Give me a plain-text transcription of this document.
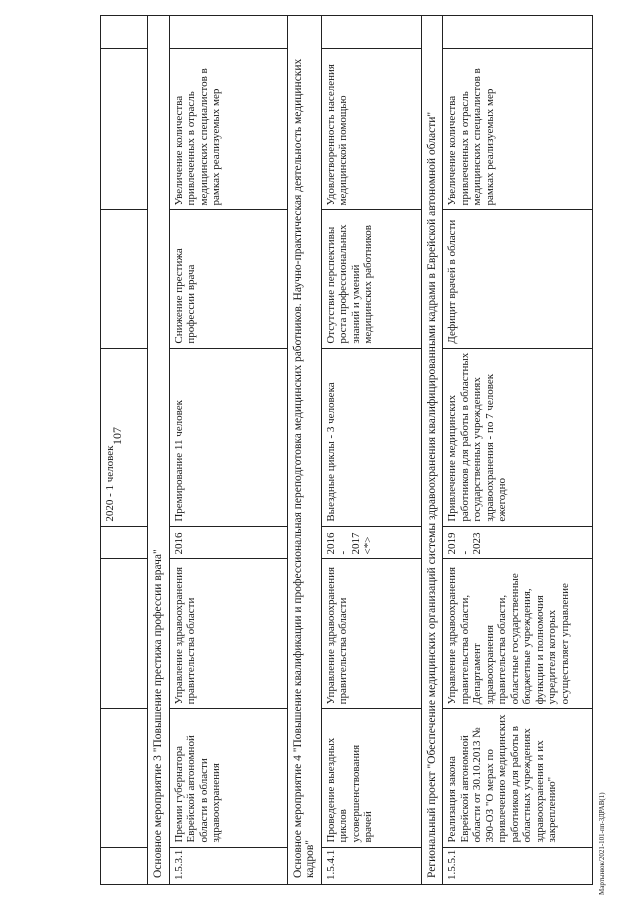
107
Мартынюк/2021-101-пп-ЗДРАВ(1)
				2020 - 1 человек			
Основное мероприятие 3 "Повышение престижа профессии врача"							
1.5.3.1	Премии губернатора Еврейской автономной области в области здравоохранения	Управление здравоохранения правительства области	2016	Премирование 11 человек	Снижение престижа профессии врача	Увеличение количества привлеченных в отрасль медицинских специалистов в рамках реализуемых мер	
Основное мероприятие 4 "Повышение квалификации и профессиональная переподготовка медицинских работников. Научно-практическая деятельность медицинских кадров"							
1.5.4.1	Проведение выездных циклов усовершенствования врачей	Управление здравоохранения правительства области	2016 - 2017 <*>	Выездные циклы - 3 человека	Отсутствие перспективы роста профессиональных знаний и умений медицинских работников	Удовлетворенность населения медицинской помощью	
Региональный проект "Обеспечение медицинских организаций системы здравоохранения квалифицированными кадрами в Еврейской автономной области"							
1.5.5.1	Реализация закона Еврейской автономной области от 30.10.2013 № 390-ОЗ "О мерах по привлечению медицинских работников для работы в областных учреждениях здравоохранения и их закреплению"	Управление здравоохранения правительства области, Департамент здравоохранения правительства области, областные государственные бюджетные учреждения, функции и полномочия учредителя которых осуществляет управление	2019 - 2023	Привлечение медицинских работников для работы в областных государственных учреждениях здравоохранения - по 7 человек ежегодно	Дефицит врачей в области	Увеличение количества привлеченных в отрасль медицинских специалистов в рамках реализуемых мер	
